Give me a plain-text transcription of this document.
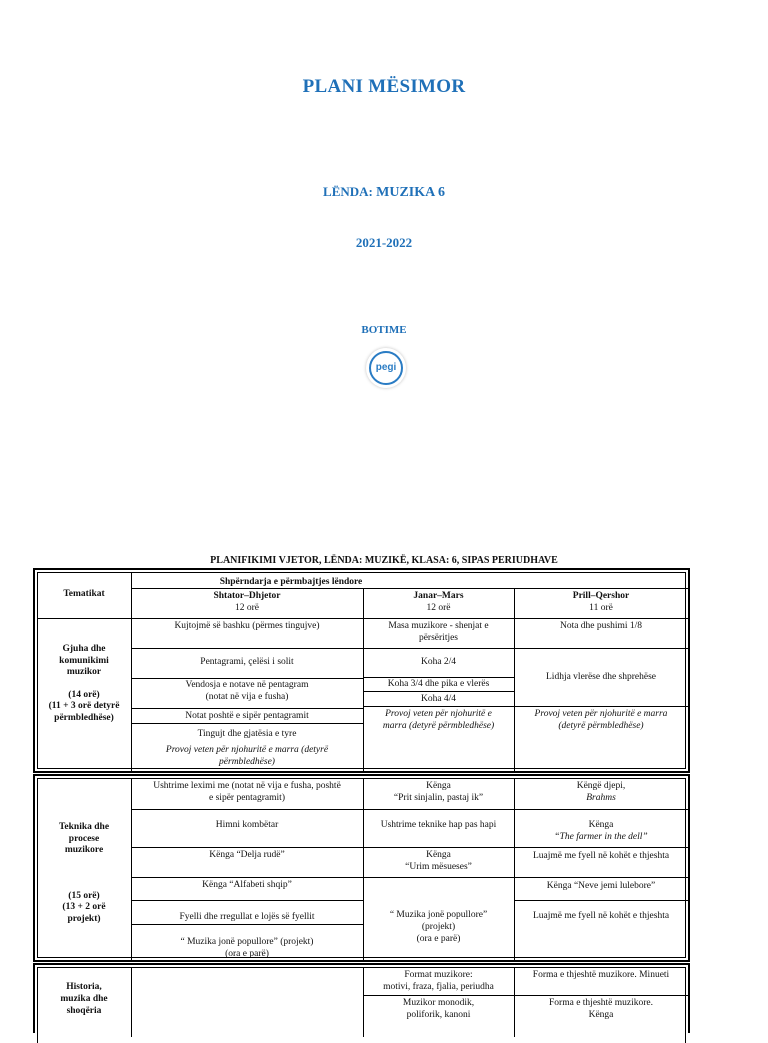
PLANI MËSIMOR
LËNDA: MUZIKA 6
2021-2022
BOTIME
pegi
PLANIFIKIMI VJETOR, LËNDA: MUZIKË, KLASA: 6, SIPAS PERIUDHAVE
Tematikat
Shpërndarja e përmbajtjes lëndore
Shtator–Dhjetor
12 orë
Janar–Mars
12 orë
Prill–Qershor
11 orë
Gjuha dhe
komunikimi
muzikor
(14 orë)
(11 + 3 orë detyrë
përmbledhëse)
Kujtojmë së bashku (përmes tingujve)
Pentagrami, çelësi i solit
Vendosja e notave në pentagram
(notat në vija e fusha)
Notat poshtë e sipër pentagramit
Tingujt dhe gjatësia e tyre
Provoj veten për njohuritë e marra (detyrë
përmbledhëse)
Masa muzikore - shenjat e
përsëritjes
Koha 2/4
Koha 3/4 dhe pika e vlerës
Koha 4/4
Provoj veten për njohuritë e
marra (detyrë përmbledhëse)
Nota dhe pushimi 1/8
Lidhja vlerëse dhe shprehëse
Provoj veten për njohuritë e marra
(detyrë përmbledhëse)
Teknika dhe
procese
muzikore
(15 orë)
(13 + 2 orë
projekt)
Ushtrime leximi me (notat në vija e fusha, poshtë
e sipër pentagramit)
Himni kombëtar
Kënga “Delja rudë”
Kënga “Alfabeti shqip”
Fyelli dhe rregullat e lojës së fyellit
“ Muzika jonë popullore” (projekt)
(ora e parë)
Kënga
“Prit sinjalin, pastaj ik”
Ushtrime teknike hap pas hapi
Kënga
“Urim mësueses”
“ Muzika jonë popullore”
(projekt)
(ora e parë)
Këngë djepi,
Brahms
Kënga
“The farmer in the dell”
Luajmë me fyell në kohët e thjeshta
Kënga “Neve jemi lulebore”
Luajmë me fyell në kohët e thjeshta
Historia,
muzika dhe
shoqëria
Format muzikore:
motivi, fraza, fjalia, periudha
Muzikor monodik,
poliforik, kanoni
Forma e thjeshtë muzikore. Minueti
Forma e thjeshtë muzikore.
Kënga
